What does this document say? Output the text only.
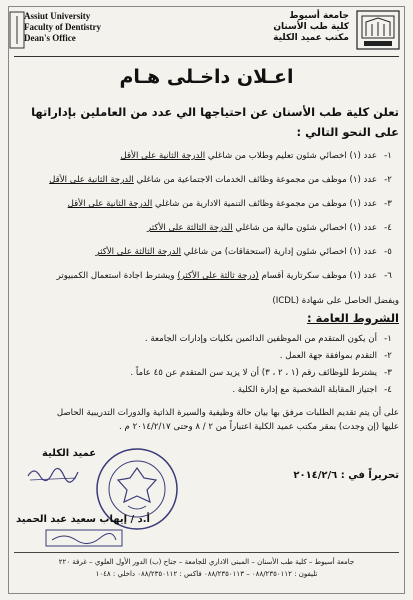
Assiut University
Faculty of Dentistry
Dean's Office
جامعة أسيوط
كلية طب الأسنان
مكتب عميد الكلية
اعـلان داخـلى هـام
تعلن كلية طب الأسنان عن احتياجها الي عدد من العاملين بإداراتها على النحو التالي :
١-
عدد (١) اخصائي شئون تعليم وطلاب من شاغلي الدرجة الثانية على الأقل
٢-
عدد (١) موظف من مجموعة وظائف الخدمات الاجتماعية من شاغلي الدرجة الثانية على الأقل
٣-
عدد (١) موظف من مجموعة وظائف التنمية الادارية من شاغلي الدرجة الثانية على الأقل
٤-
عدد (١) اخصائي شئون مالية من شاغلي الدرجة الثالثة على الأكثر
٥-
عدد (١) اخصائي شئون إدارية (استحقاقات) من شاغلي الدرجة الثالثة على الأكثر
٦-
عدد (١) موظف سكرتارية أقسام (درجة ثالثة على الأكثر) ويشترط اجادة استعمال الكمبيوتر
ويفضل الحاصل على شهادة (ICDL)
الشروط العامة :
١-
أن يكون المتقدم من الموظفين الدائمين بكليات وإدارات الجامعة .
٢-
التقدم بموافقة جهة العمل .
٣-
يشترط للوظائف رقم (١ ، ٢ ، ٣) أن لا يزيد سن المتقدم عن ٤٥ عاماً .
٤-
اجتياز المقابلة الشخصية مع إدارة الكلية .
على أن يتم تقديم الطلبات مرفق بها بيان حالة وظيفية والسيرة الذاتية والدورات التدريبية الحاصل
عليها (إن وجدت) بمقر مكتب عميد الكلية اعتباراً من ٢ / ٨ وحتى ٢٠١٤/٢/١٧ م .
عميد الكلية
تحريراً في : ٢٠١٤/٢/٦
أ.د / إيهاب سعيد عبد الحميد
جامعة أسيوط – كلية طب الأسنان – المبنى الاداري للجامعة – جناح (ب) الدور الأول العلوي – غرفة ٢٢٠
تليفون : ٠٨٨/٢٣٥٠١١٢ – ٠٨٨/٢٣٥٠١١٣ فاكس : ٠٨٨/٢٣٥٠١١٢ داخلي : ١٠٤٨
